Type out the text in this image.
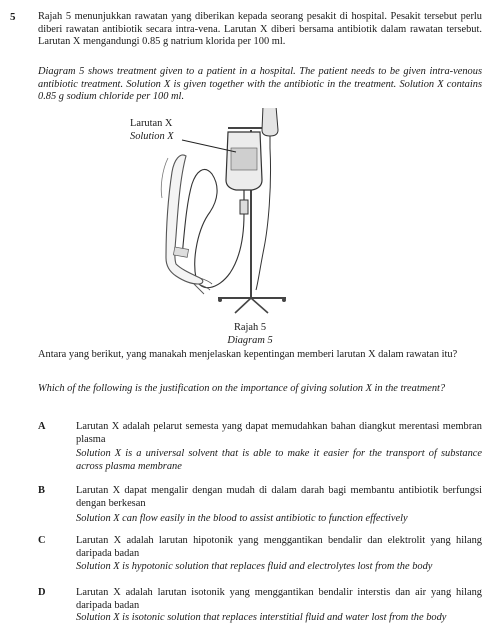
5 Rajah 5 menunjukkan rawatan yang diberikan kepada seorang pesakit di hospital. Pesakit tersebut perlu diberi rawatan antibiotik secara intra-vena. Larutan X diberi bersama antibiotik dalam rawatan tersebut. Larutan X mengandungi 0.85 g natrium klorida per 100 ml.
Diagram 5 shows treatment given to a patient in a hospital. The patient needs to be given intra-venous antibiotic treatment. Solution X is given together with the antibiotic in the treatment. Solution X contains 0.85 g sodium chloride per 100 ml.
Larutan X
Solution X
Rajah 5
Diagram 5
Antara yang berikut, yang manakah menjelaskan kepentingan memberi larutan X dalam rawatan itu?
Which of the following is the justification on the importance of giving solution X in the treatment?
A	Larutan X adalah pelarut semesta yang dapat memudahkan bahan diangkut merentasi membran plasma
Solution X is a universal solvent that is able to make it easier for the transport of substance across plasma membrane
B	Larutan X dapat mengalir dengan mudah di dalam darah bagi membantu antibiotik berfungsi dengan berkesan
Solution X can flow easily in the blood to assist antibiotic to function effectively
C	Larutan X adalah larutan hipotonik yang menggantikan bendalir dan elektrolit yang hilang daripada badan
Solution X is hypotonic solution that replaces fluid and electrolytes lost from the body
D	Larutan X adalah larutan isotonik yang menggantikan bendalir interstis dan air yang hilang daripada badan
Solution X is isotonic solution that replaces interstitial fluid and water lost from the body
